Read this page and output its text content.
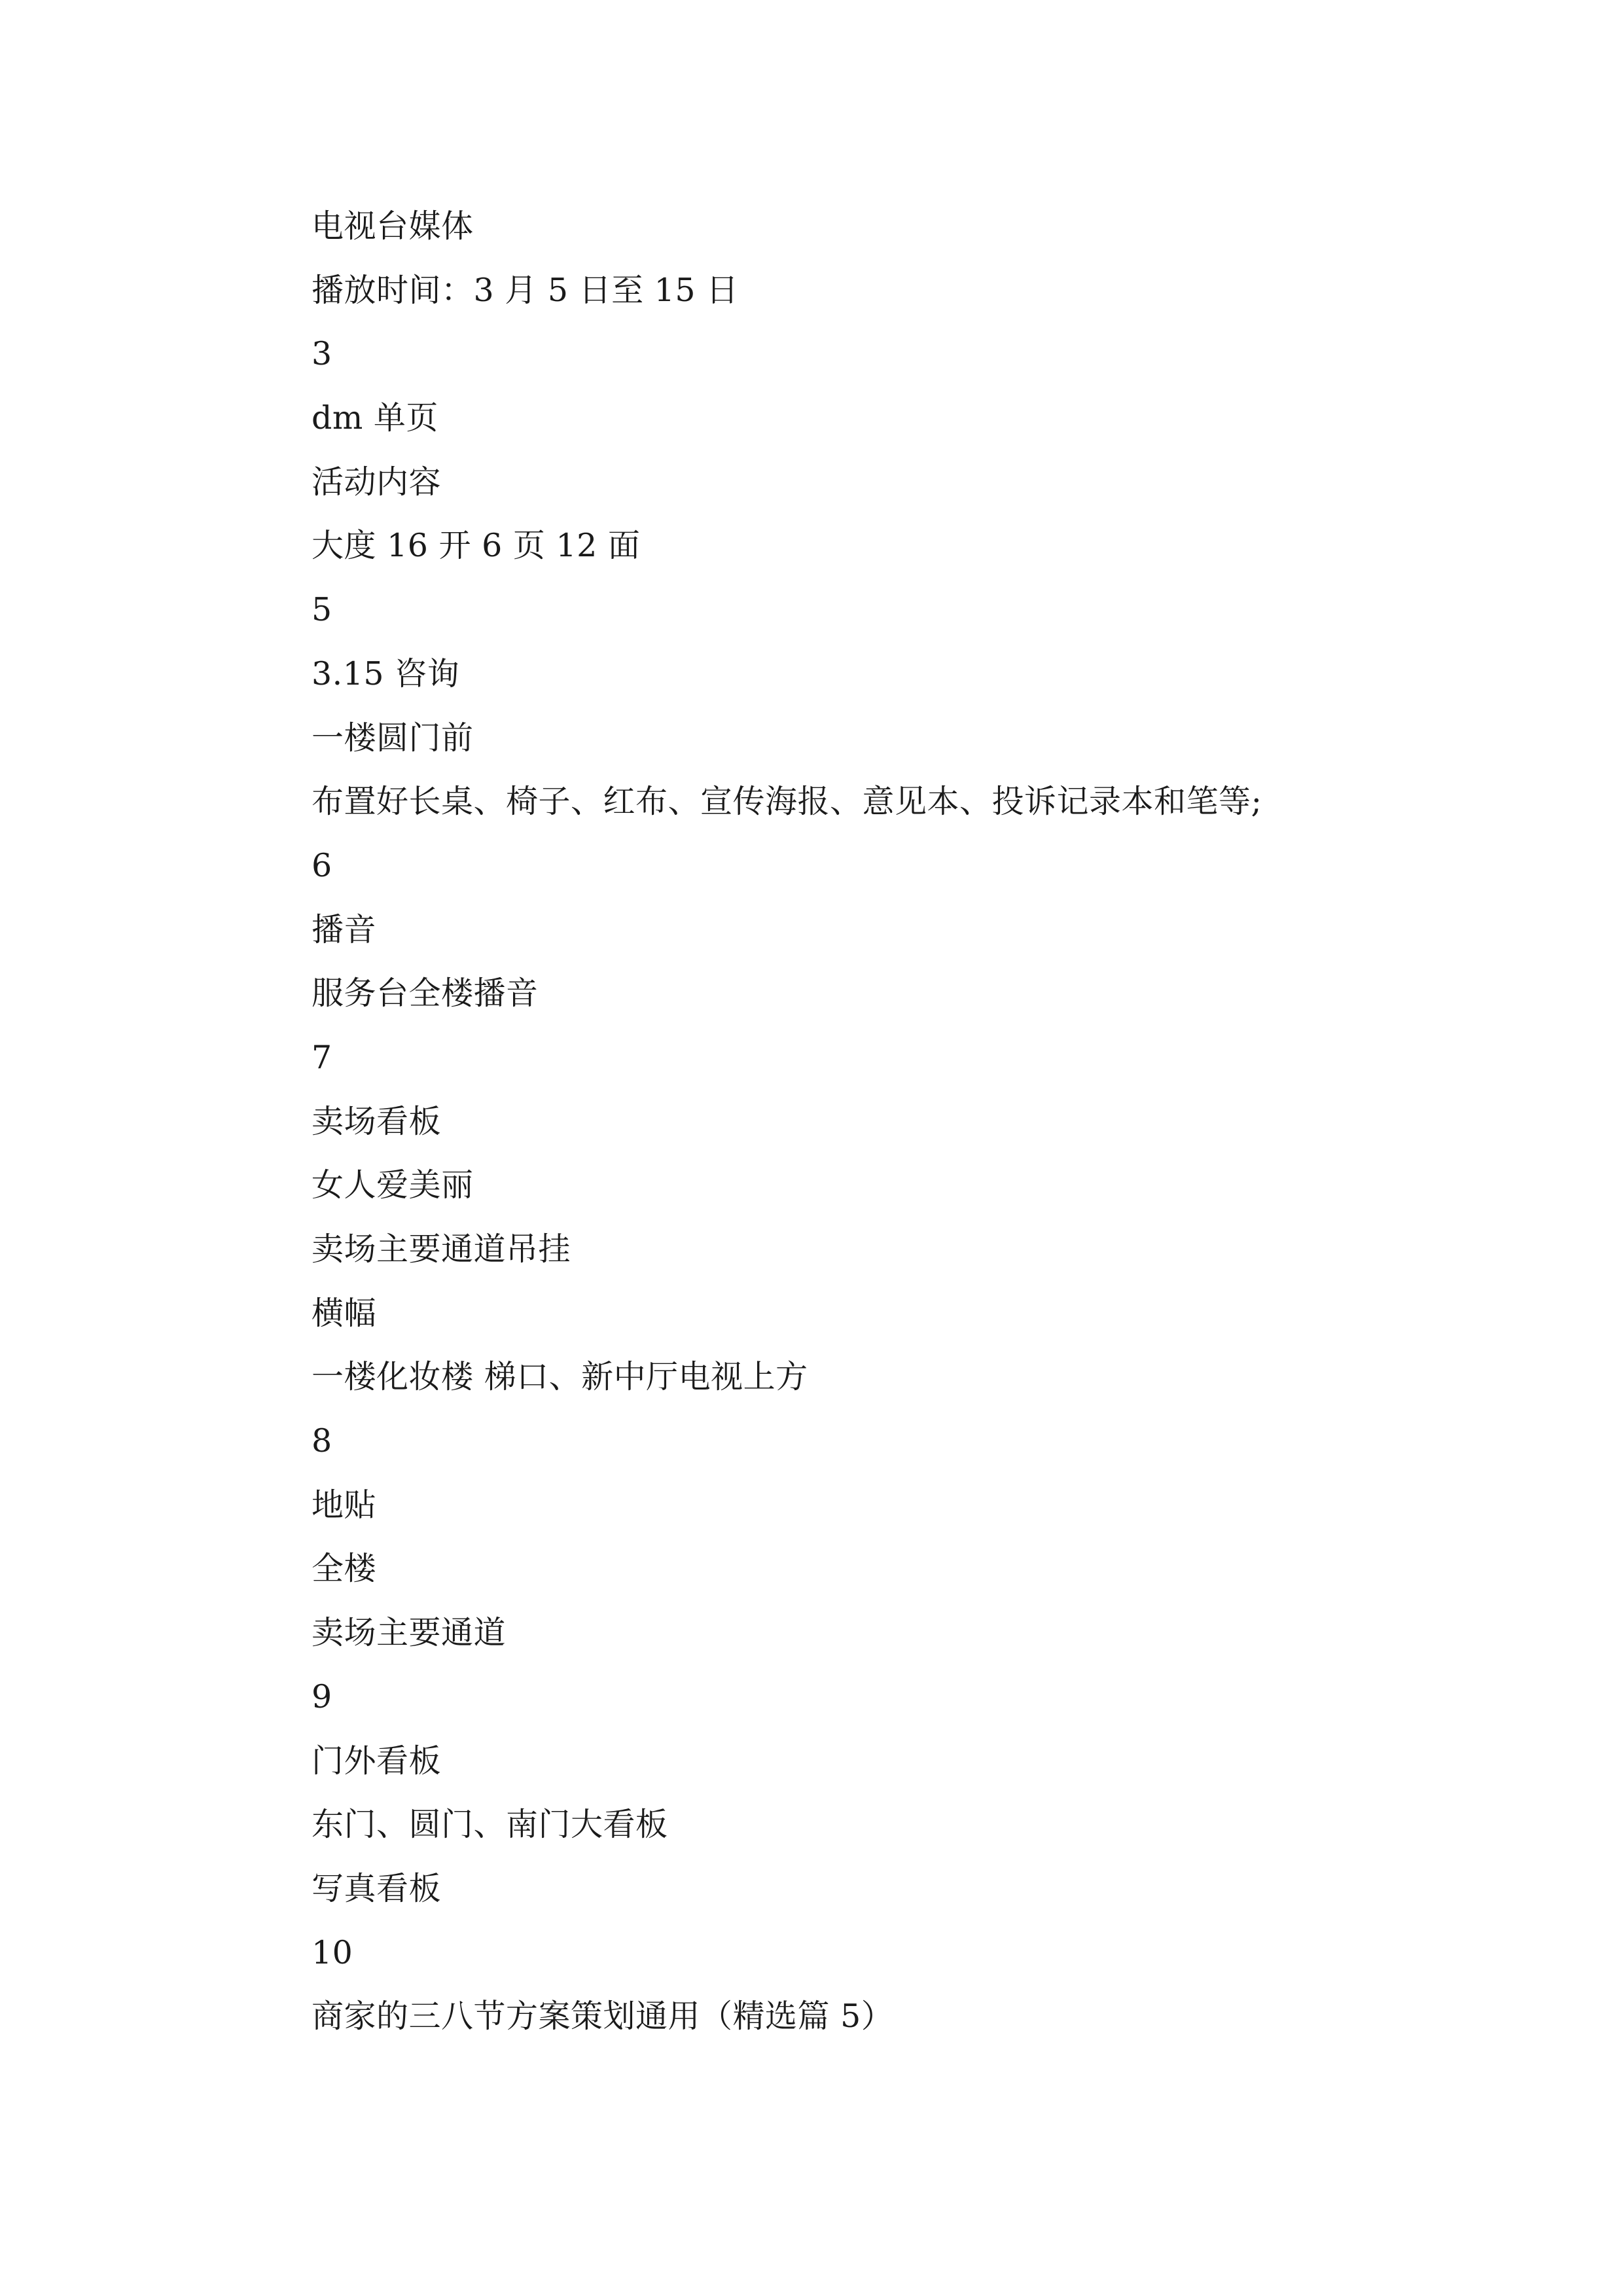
电视台媒体
播放时间：3 月 5 日至 15 日
3
dm 单页
活动内容
大度 16 开 6 页 12 面
5
3.15 咨询
一楼圆门前
布置好长桌、椅子、红布、宣传海报、意见本、投诉记录本和笔等;
6
播音
服务台全楼播音
7
卖场看板
女人爱美丽
卖场主要通道吊挂
横幅
一楼化妆楼 梯口、新中厅电视上方
8
地贴
全楼
卖场主要通道
9
门外看板
东门、圆门、南门大看板
写真看板
10
商家的三八节方案策划通用（精选篇 5）
